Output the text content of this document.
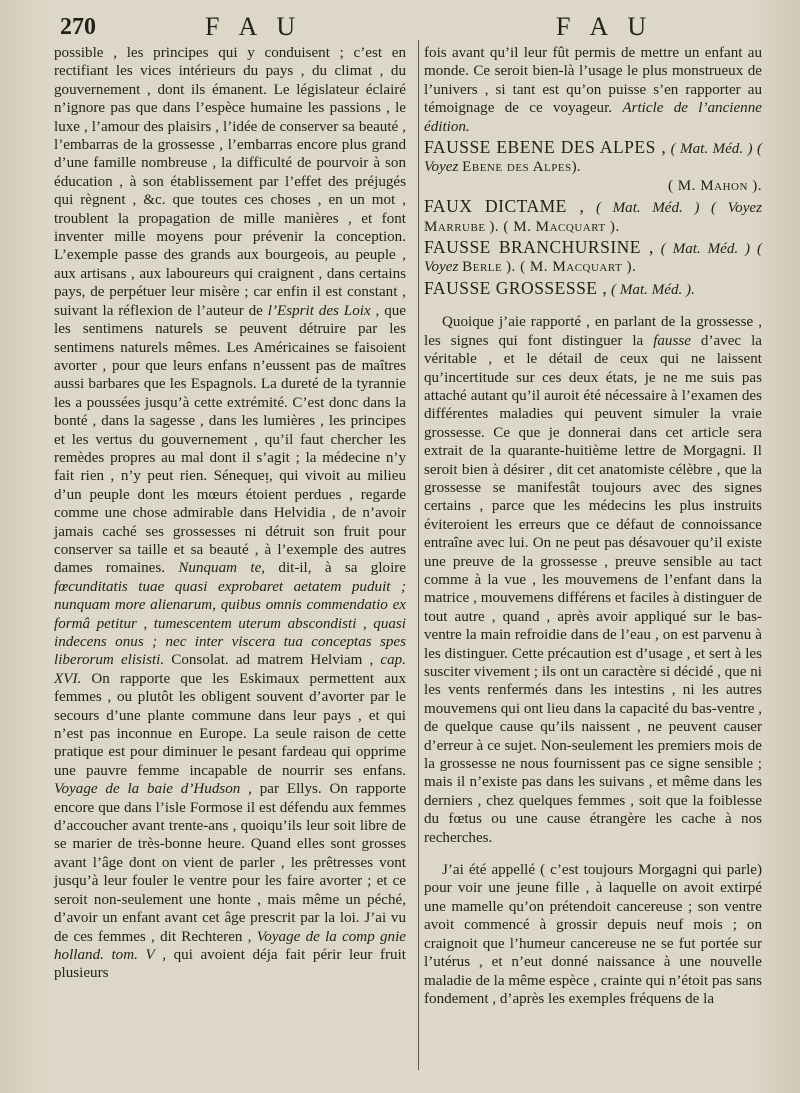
270	F A U	F A U

possible , les principes qui y conduisent ; c’est en rectifiant les vices intérieurs du pays , du climat , du gouvernement , dont ils émanent. Le législateur éclairé n’ignore pas que dans l’espèce humaine les passions , le luxe , l’amour des plaisirs , l’idée de conserver sa beauté , l’embarras de la grossesse , l’embarras encore plus grand d’une famille nombreuse , la difficulté de pourvoir à son éducation , à son établissement par l’effet des préjugés qui règnent , &c. que toutes ces choses , en un mot , troublent la propagation de mille manières , et font inventer mille moyens pour prévenir la conception. L’exemple passe des grands aux bourgeois, au peuple , aux artisans , aux laboureurs qui craignent , dans certains pays, de perpétuer leur misère ; car enfin il est constant , suivant la réflexion de l’auteur de l’Esprit des Loix , que les sentimens naturels se peuvent détruire par les sentimens naturels mêmes. Les Américaines se faisoient avorter , pour que leurs enfans n’eussent pas de maîtres aussi barbares que les Espagnols. La dureté de la tyrannie les a poussées jusqu’à cette extrémité. C’est donc dans la bonté , dans la sagesse , dans les lumières , les principes et les vertus du gouvernement , qu’il faut chercher les remèdes propres au mal dont il s’agit ; la médecine n’y fait rien , n’y peut rien. Sénequeᴉ, qui vivoit au milieu d’un peuple dont les mœurs étoient perdues , regarde comme une chose admirable dans Helvidia , de n’avoir jamais caché ses grossesses ni détruit son fruit pour conserver sa taille et sa beauté , à l’exemple des autres dames romaines. Nunquam te, dit-il, à sa gloire fœcunditatis tuae quasi exprobaret aetatem puduit ; nunquam more alienarum, quibus omnis commendatio ex formâ petitur , tumescentem uterum abscondisti , quasi indecens onus ; nec inter viscera tua conceptas spes liberorum elisisti. Consolat. ad matrem Helviam , cap. XVI. On rapporte que les Eskimaux permettent aux femmes , ou plutôt les obligent souvent d’avorter par le secours d’une plante commune dans leur pays , et qui n’est pas inconnue en Europe. La seule raison de cette pratique est pour diminuer le pesant fardeau qui opprime une pauvre femme incapable de nourrir ses enfans. Voyage de la baie d’Hudson , par Ellys. On rapporte encore que dans l’isle Formose il est défendu aux femmes d’accoucher avant trente-ans , quoiqu’ils leur soit libre de se marier de très-bonne heure. Quand elles sont grosses avant l’âge dont on vient de parler , les prêtresses vont jusqu’à leur fouler le ventre pour les faire avorter ; et ce seroit non-seulement une honte , mais même un péché, d’avoir un enfant avant cet âge prescrit par la loi. J’ai vu de ces femmes , dit Rechteren , Voyage de la comp gnie holland. tom. V , qui avoient déja fait périr leur fruit plusieurs

fois avant qu’il leur fût permis de mettre un enfant au monde. Ce seroit bien-là l’usage le plus monstrueux de l’univers , si tant est qu’on puisse s’en rapporter au témoignage de ce voyageur. Article de l’ancienne édition.

FAUSSE EBENE DES ALPES , ( Mat. Méd. ) ( Voyez Ebene des Alpes).
( M. Mahon ).

FAUX DICTAME , ( Mat. Méd. ) ( Voyez Marrube ). ( M. Macquart ).

FAUSSE BRANCHURSINE , ( Mat. Méd. ) ( Voyez Berle ). ( M. Macquart ).

FAUSSE GROSSESSE , ( Mat. Méd. ).

Quoique j’aie rapporté , en parlant de la grossesse , les signes qui font distinguer la fausse d’avec la véritable , et le détail de ceux qui ne laissent qu’incertitude sur ces deux états, je ne me suis pas attaché autant qu’il auroit été nécessaire à l’examen des différentes maladies qui peuvent simuler la vraie grossesse. Ce que je donnerai dans cet article sera extrait de la quarante-huitième lettre de Morgagni. Il seroit bien à désirer , dit cet anatomiste célèbre , que la grossesse se manifestât toujours avec des signes certains , parce que les médecins les plus instruits éviteroient les erreurs que ce défaut de connoissance entraîne avec lui. On ne peut pas désavouer qu’il existe une preuve de la grossesse , preuve sensible au tact comme à la vue , les mouvemens de l’enfant dans la matrice , mouvemens différens et faciles à distinguer de tout autre , quand , après avoir appliqué sur le bas-ventre la main refroidie dans de l’eau , on est parvenu à les distinguer. Cette précaution est d’usage , et sert à les susciter vivement ; ils ont un caractère si décidé , que ni les vents renfermés dans les intestins , ni les autres mouvemens qui ont lieu dans la capacité du bas-ventre , de quelque cause qu’ils naissent , ne peuvent causer d’erreur à ce sujet. Non-seulement les premiers mois de la grossesse ne nous fournissent pas ce signe sensible ; mais il n’existe pas dans les suivans , et même dans les derniers , chez quelques femmes , soit que la foiblesse du fœtus ou une cause étrangère les cache à nos recherches.

J’ai été appellé ( c’est toujours Morgagni qui parle) pour voir une jeune fille , à laquelle on avoit extirpé une mamelle qu’on prétendoit cancereuse ; son ventre avoit commencé à grossir depuis neuf mois ; on craignoit que l’humeur cancereuse ne se fut portée sur l’utérus , et n’eut donné naissance à une nouvelle maladie de la même espèce , crainte qui n’étoit pas sans fondement , d’après les exemples fréquens de la
